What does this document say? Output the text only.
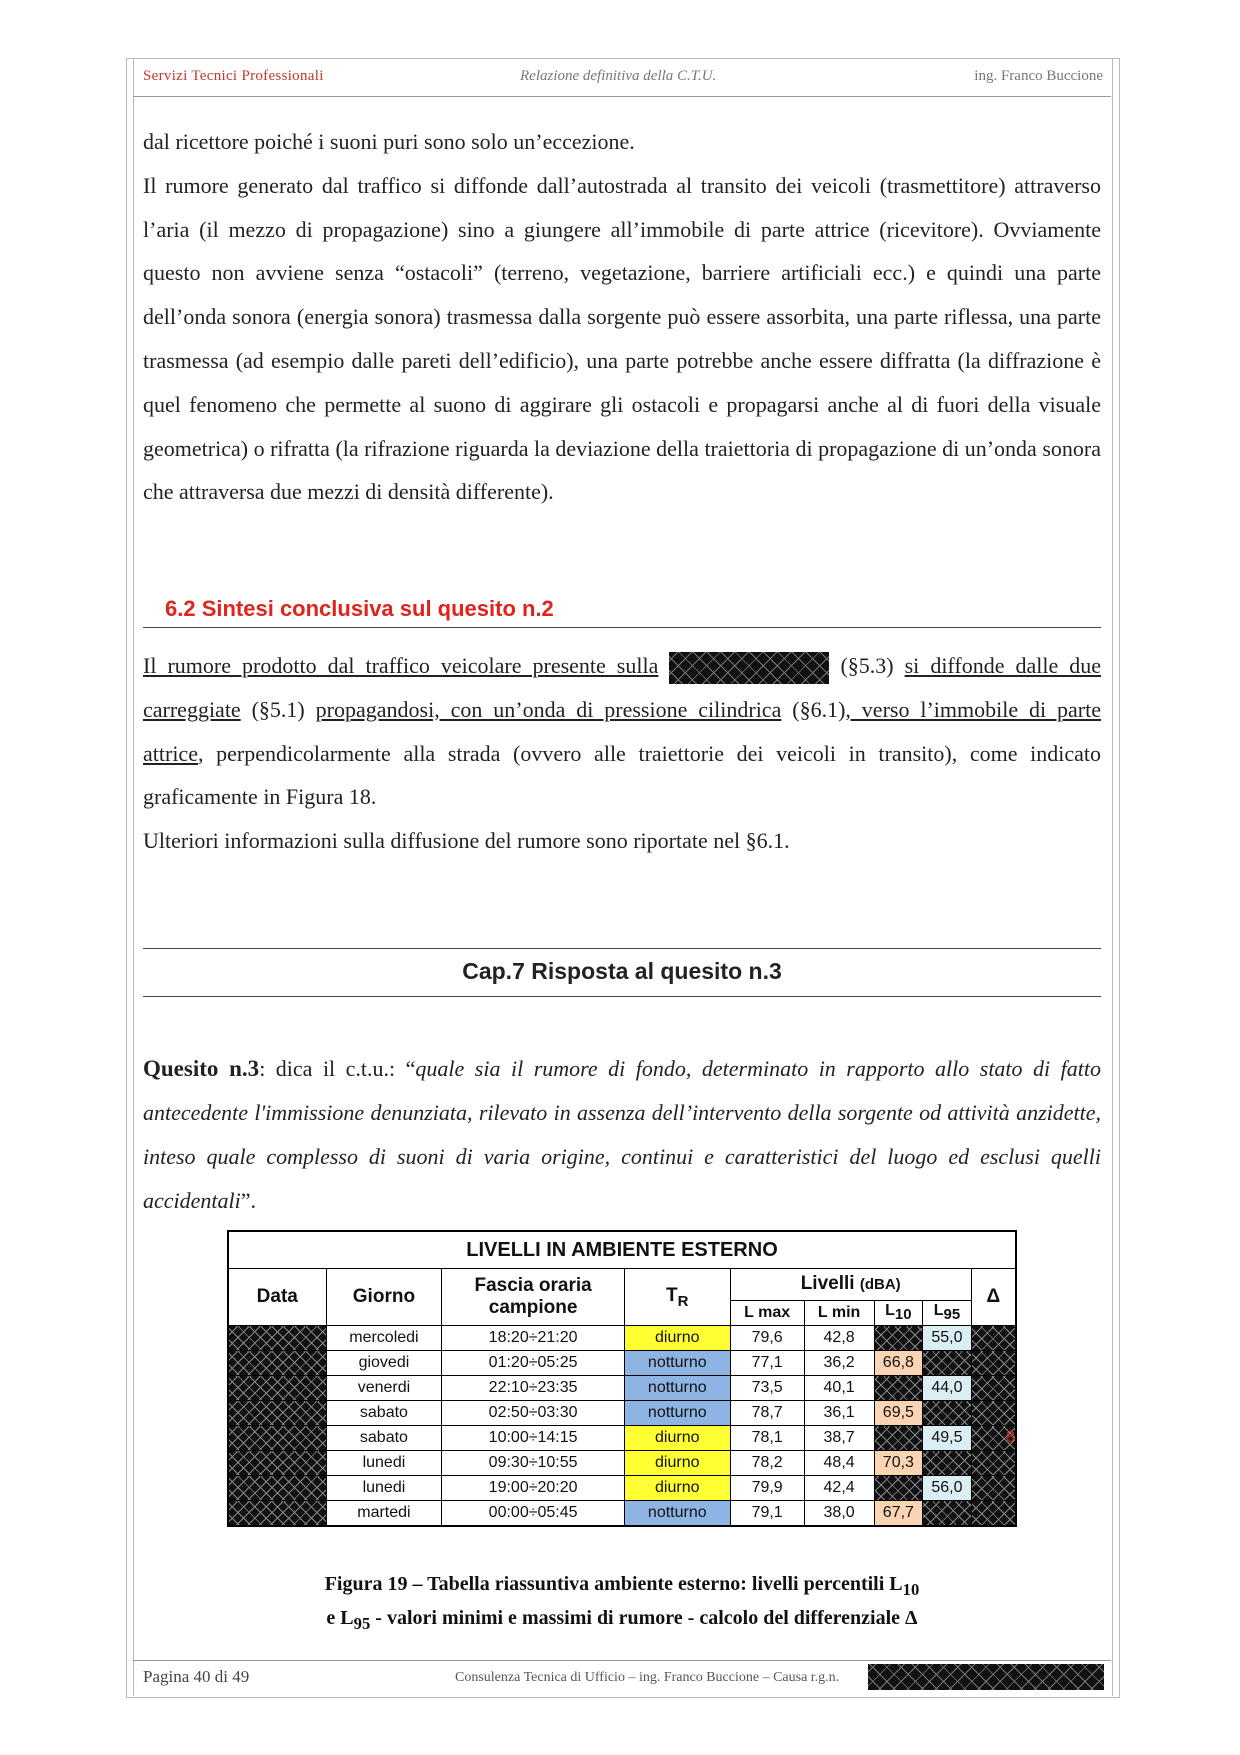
Servizi Tecnici Professionali	Relazione definitiva della C.T.U.	ing. Franco Buccione

dal ricettore poiché i suoni puri sono solo un’eccezione.

Il rumore generato dal traffico si diffonde dall’autostrada al transito dei veicoli (trasmettitore) attraverso l’aria (il mezzo di propagazione) sino a giungere all’immobile di parte attrice (ricevitore). Ovviamente questo non avviene senza “ostacoli” (terreno, vegetazione, barriere artificiali ecc.) e quindi una parte dell’onda sonora (energia sonora) trasmessa dalla sorgente può essere assorbita, una parte riflessa, una parte trasmessa (ad esempio dalle pareti dell’edificio), una parte potrebbe anche essere diffratta (la diffrazione è quel fenomeno che permette al suono di aggirare gli ostacoli e propagarsi anche al di fuori della visuale geometrica) o rifratta (la rifrazione riguarda la deviazione della traiettoria di propagazione di un’onda sonora che attraversa due mezzi di densità differente).

6.2 Sintesi conclusiva sul quesito n.2

Il rumore prodotto dal traffico veicolare presente sulla	(§5.3) si diffonde dalle due carreggiate (§5.1) propagandosi, con un’onda di pressione cilindrica (§6.1), verso l’immobile di parte attrice, perpendicolarmente alla strada (ovvero alle traiettorie dei veicoli in transito), come indicato graficamente in Figura 18.

Ulteriori informazioni sulla diffusione del rumore sono riportate nel §6.1.

Cap.7 Risposta al quesito n.3
Quesito n.3: dica il c.t.u.: “quale sia il rumore di fondo, determinato in rapporto allo stato di fatto antecedente l'immissione denunziata, rilevato in assenza dell’intervento della sorgente od attività anzidette, inteso quale complesso di suoni di varia origine, continui e caratteristici del luogo ed esclusi quelli accidentali”.
LIVELLI IN AMBIENTE ESTERNO								
Data	Giorno	Fascia oraria campione	$T_R$	Livelli (dBA)				Δ
				L max	L min	$L_{10}$	$L_{95}$
	mercoledi	18:20÷21:20	diurno	79,6	42,8		55,0	
	giovedi	01:20÷05:25	notturno	77,1	36,2	66,8		
	venerdi	22:10÷23:35	notturno	73,5	40,1		44,0	
	sabato	02:50÷03:30	notturno	78,7	36,1	69,5		
	sabato	10:00÷14:15	diurno	78,1	38,7		49,5	8
	lunedi	09:30÷10:55	diurno	78,2	48,4	70,3		
	lunedi	19:00÷20:20	diurno	79,9	42,4		56,0	
	martedi	00:00÷05:45	notturno	79,1	38,0	67,7		
Figura 19 – Tabella riassuntiva ambiente esterno: livelli percentili $L_{10}$
e $L_{95}$ - valori minimi e massimi di rumore - calcolo del differenziale Δ
Pagina 40 di 49	Consulenza Tecnica di Ufficio – ing. Franco Buccione – Causa r.g.n.
